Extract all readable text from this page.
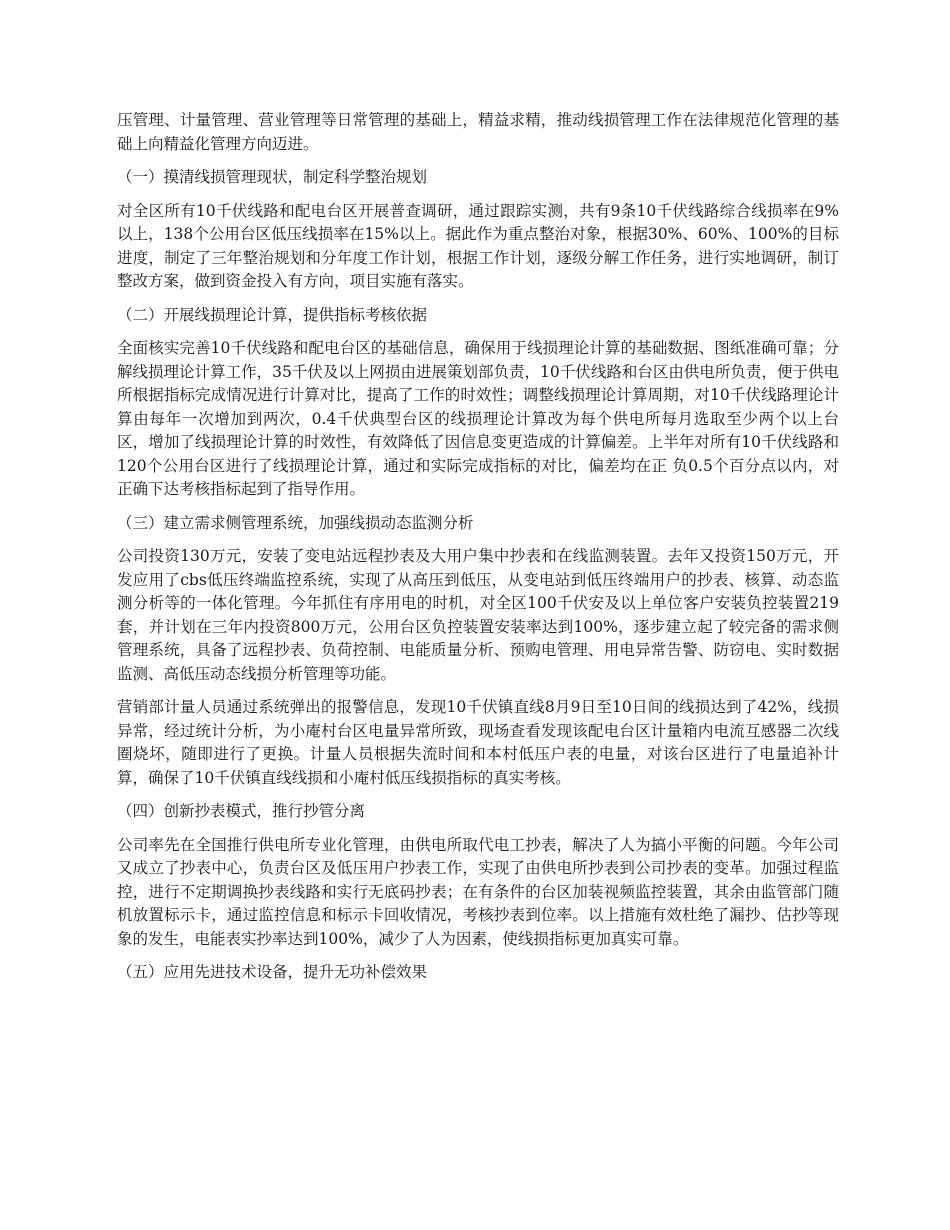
压管理、计量管理、营业管理等日常管理的基础上，精益求精，推动线损管理工作在法律规范化管理的基础上向精益化管理方向迈进。

（一）摸清线损管理现状，制定科学整治规划

对全区所有10千伏线路和配电台区开展普查调研，通过跟踪实测，共有9条10千伏线路综合线损率在9%以上，138个公用台区低压线损率在15%以上。据此作为重点整治对象，根据30%、60%、100%的目标进度，制定了三年整治规划和分年度工作计划，根据工作计划，逐级分解工作任务，进行实地调研，制订整改方案，做到资金投入有方向，项目实施有落实。

（二）开展线损理论计算，提供指标考核依据

全面核实完善10千伏线路和配电台区的基础信息，确保用于线损理论计算的基础数据、图纸准确可靠；分解线损理论计算工作，35千伏及以上网损由进展策划部负责，10千伏线路和台区由供电所负责，便于供电所根据指标完成情况进行计算对比，提高了工作的时效性；调整线损理论计算周期，对10千伏线路理论计算由每年一次增加到两次，0.4千伏典型台区的线损理论计算改为每个供电所每月选取至少两个以上台区，增加了线损理论计算的时效性，有效降低了因信息变更造成的计算偏差。上半年对所有10千伏线路和120个公用台区进行了线损理论计算，通过和实际完成指标的对比，偏差均在正 负0.5个百分点以内，对正确下达考核指标起到了指导作用。

（三）建立需求侧管理系统，加强线损动态监测分析

公司投资130万元，安装了变电站远程抄表及大用户集中抄表和在线监测装置。去年又投资150万元，开发应用了cbs低压终端监控系统，实现了从高压到低压，从变电站到低压终端用户的抄表、核算、动态监测分析等的一体化管理。今年抓住有序用电的时机，对全区100千伏安及以上单位客户安装负控装置219套，并计划在三年内投资800万元，公用台区负控装置安装率达到100%，逐步建立起了较完备的需求侧管理系统，具备了远程抄表、负荷控制、电能质量分析、预购电管理、用电异常告警、防窃电、实时数据监测、高低压动态线损分析管理等功能。

营销部计量人员通过系统弹出的报警信息，发现10千伏镇直线8月9日至10日间的线损达到了42%，线损异常，经过统计分析，为小庵村台区电量异常所致，现场查看发现该配电台区计量箱内电流互感器二次线圈烧坏，随即进行了更换。计量人员根据失流时间和本村低压户表的电量，对该台区进行了电量追补计算，确保了10千伏镇直线线损和小庵村低压线损指标的真实考核。

（四）创新抄表模式，推行抄管分离

公司率先在全国推行供电所专业化管理，由供电所取代电工抄表，解决了人为搞小平衡的问题。今年公司又成立了抄表中心，负责台区及低压用户抄表工作，实现了由供电所抄表到公司抄表的变革。加强过程监控，进行不定期调换抄表线路和实行无底码抄表；在有条件的台区加装视频监控装置，其余由监管部门随机放置标示卡，通过监控信息和标示卡回收情况，考核抄表到位率。以上措施有效杜绝了漏抄、估抄等现象的发生，电能表实抄率达到100%，减少了人为因素，使线损指标更加真实可靠。

（五）应用先进技术设备，提升无功补偿效果
